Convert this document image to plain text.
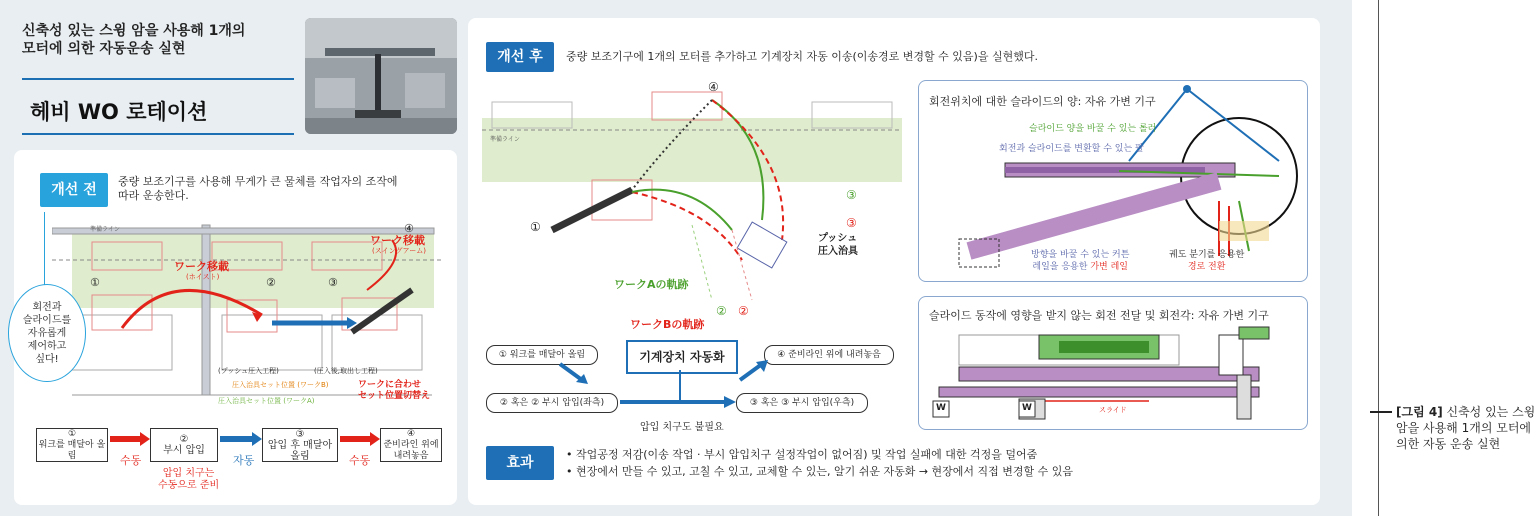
신축성 있는 스윙 암을 사용해 1개의
모터에 의한 자동운송 실현
헤비 WO 로테이션
개선 전
중량 보조기구를 사용해 무게가 큰 물체를 작업자의 조작에
따라 운송한다.
準備ライン
①	②	③
④
ワーク移載
(ホイスト)
ワーク移載
(スイングアーム)
(プッシュ圧入工程)	(圧入後,取出し工程)
圧入治具セット位置 (ワークB)
圧入治具セット位置 (ワークA)
ワークに合わせ
セット位置切替え
회전과
슬라이드를
자유롭게
제어하고
싶다!
①
워크를 매달아 올림
②
부시 압입
③
압입 후 매달아 올림
④
준비라인 위에 내려놓음
수동	자동	수동
압입 치구는
수동으로 준비
개선 후	중량 보조기구에 1개의 모터를 추가하고 기계장치 자동 이송(이송경로 변경할 수 있음)을 실현했다.
準備ライン
①
④
③
③
② ②
プッシュ
圧入治具
ワークAの軌跡
ワークBの軌跡
① 워크를 매달아 올림	기계장치 자동화	④ 준비라인 위에 내려놓음
② 혹은 ② 부시 압입(좌측)	③ 혹은 ③ 부시 압입(우측)
압입 치구도 불필요
회전위치에 대한 슬라이드의 양: 자유 가변 기구
슬라이드 양을 바꿀 수 있는 롤러
회전과 슬라이드를 변환할 수 있는 팔
방향을 바꿀 수 있는 커튼
레일을 응용한 가변 레일
궤도 분기를 응용한
경로 전환
슬라이드 동작에 영향을 받지 않는 회전 전달 및 회전각: 자유 가변 기구
スライド
W	W
효과
• 작업공정 저감(이송 작업 · 부시 압입치구 설정작업이 없어짐) 및 작업 실패에 대한 걱정을 덜어줌
• 현장에서 만들 수 있고, 고칠 수 있고, 교체할 수 있는, 알기 쉬운 자동화 → 현장에서 직접 변경할 수 있음
[그림 4] 신축성 있는 스윙 암을 사용해 1개의 모터에 의한 자동 운송 실현
